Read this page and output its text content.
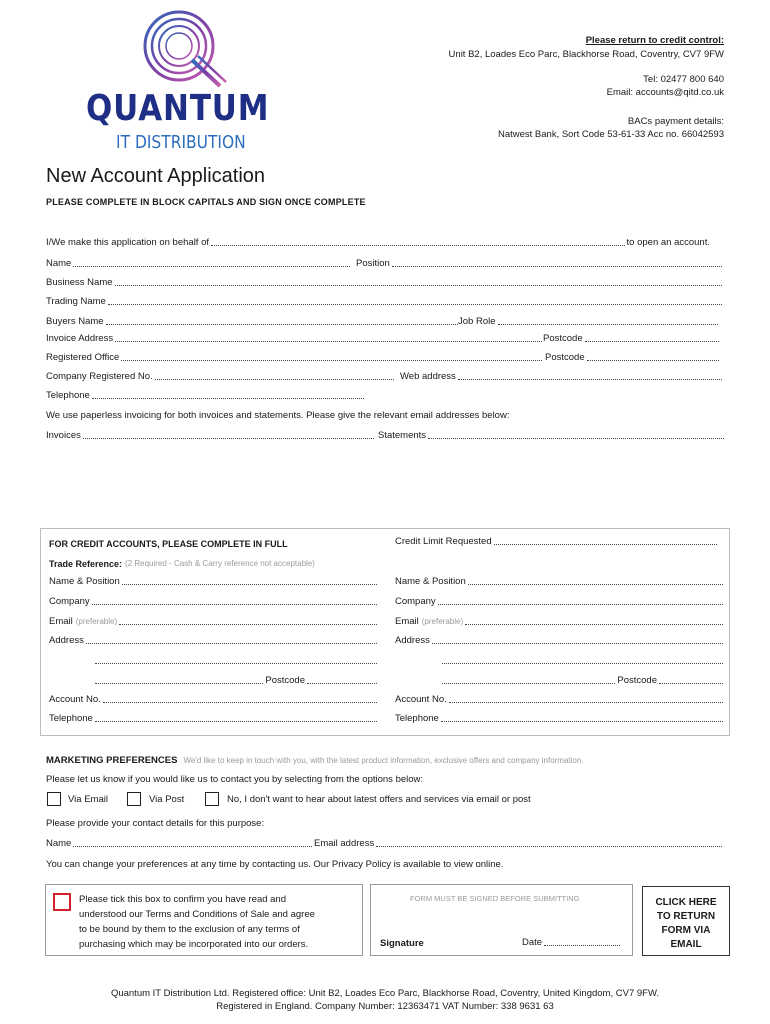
QUANTUM
IT DISTRIBUTION
Please return to credit control:
Unit B2, Loades Eco Parc, Blackhorse Road, Coventry, CV7 9FW
Tel: 02477 800 640
Email: accounts@qitd.co.uk
BACs payment details:
Natwest Bank, Sort Code 53-61-33 Acc no. 66042593
New Account Application
PLEASE COMPLETE IN BLOCK CAPITALS AND SIGN ONCE COMPLETE
I/We make this application on behalf of	to open an account.
Name	Position
Business Name
Trading Name
Buyers Name	Job Role
Invoice Address	Postcode
Registered Office	Postcode
Company Registered No.	Web address
Telephone
We use paperless invoicing for both invoices and statements. Please give the relevant email addresses below:
Invoices	Statements
FOR CREDIT ACCOUNTS, PLEASE COMPLETE IN FULL	Credit Limit Requested
Trade Reference: (2 Required - Cash & Carry reference not acceptable)
Name & Position
Company
Email (preferable)
Address
Postcode
Account No.
Telephone
Name & Position
Company
Email (preferable)
Address
Postcode
Account No.
Telephone
MARKETING PREFERENCES We'd like to keep in touch with you, with the latest product information, exclusive offers and company information.
Please let us know if you would like us to contact you by selecting from the options below:
Via Email	Via Post	No, I don't want to hear about latest offers and services via email or post
Please provide your contact details for this purpose:
Name	Email address
You can change your preferences at any time by contacting us. Our Privacy Policy is available to view online.
Please tick this box to confirm you have read and
understood our Terms and Conditions of Sale and agree
to be bound by them to the exclusion of any terms of
purchasing which may be incorporated into our orders.
FORM MUST BE SIGNED BEFORE SUBMITTING
Signature	Date
CLICK HERE
TO RETURN
FORM VIA
EMAIL
Quantum IT Distribution Ltd. Registered office: Unit B2, Loades Eco Parc, Blackhorse Road, Coventry, United Kingdom, CV7 9FW.
Registered in England. Company Number: 12363471 VAT Number: 338 9631 63
